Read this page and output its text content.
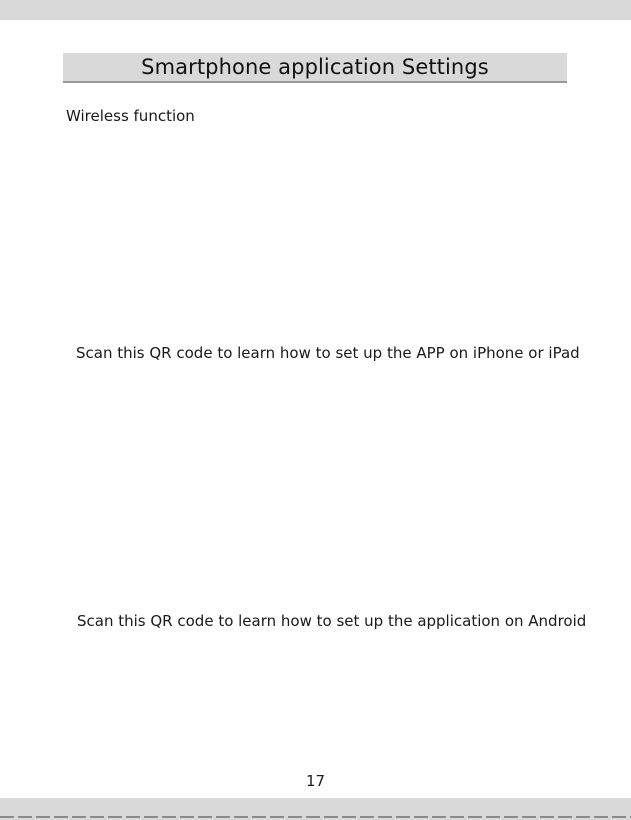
Smartphone application Settings
Wireless function
Scan this QR code to learn how to set up the APP on iPhone or iPad
Scan this QR code to learn how to set up the application on Android
17
